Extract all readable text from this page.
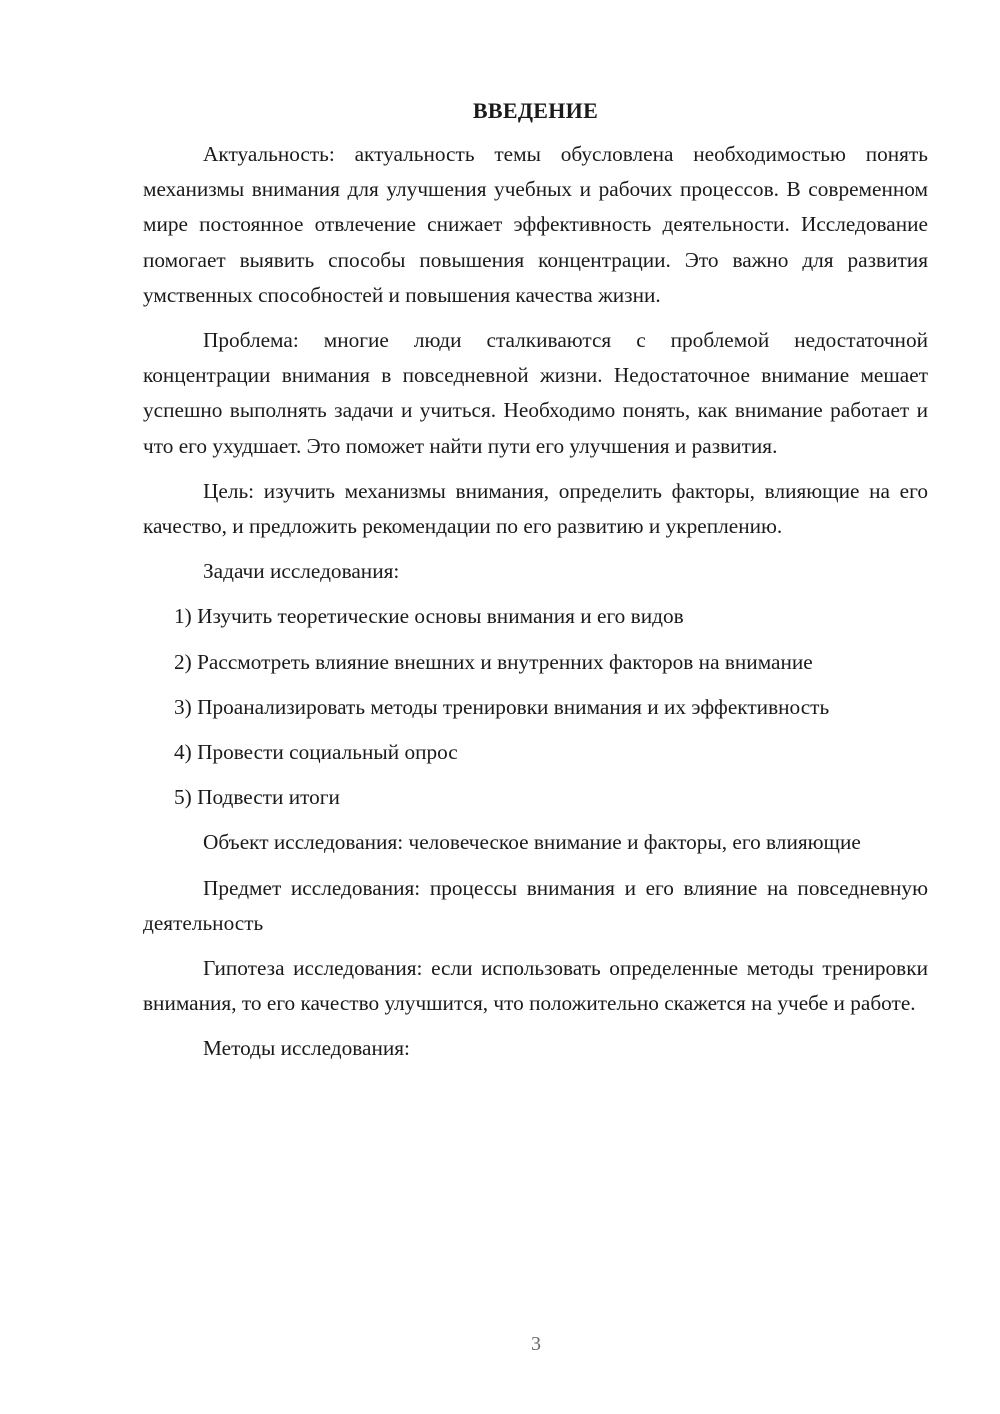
ВВЕДЕНИЕ

Актуальность: актуальность темы обусловлена необходимостью понять механизмы внимания для улучшения учебных и рабочих процессов. В современном мире постоянное отвлечение снижает эффективность деятельности. Исследование помогает выявить способы повышения концентрации. Это важно для развития умственных способностей и повышения качества жизни.

Проблема: многие люди сталкиваются с проблемой недостаточной концентрации внимания в повседневной жизни. Недостаточное внимание мешает успешно выполнять задачи и учиться. Необходимо понять, как внимание работает и что его ухудшает. Это поможет найти пути его улучшения и развития.

Цель: изучить механизмы внимания, определить факторы, влияющие на его качество, и предложить рекомендации по его развитию и укреплению.

Задачи исследования:

1) Изучить теоретические основы внимания и его видов

2) Рассмотреть влияние внешних и внутренних факторов на внимание

3) Проанализировать методы тренировки внимания и их эффективность

4) Провести социальный опрос

5) Подвести итоги

Объект исследования: человеческое внимание и факторы, его влияющие

Предмет исследования: процессы внимания и его влияние на повседневную деятельность

Гипотеза исследования: если использовать определенные методы тренировки внимания, то его качество улучшится, что положительно скажется на учебе и работе.

Методы исследования:

3
